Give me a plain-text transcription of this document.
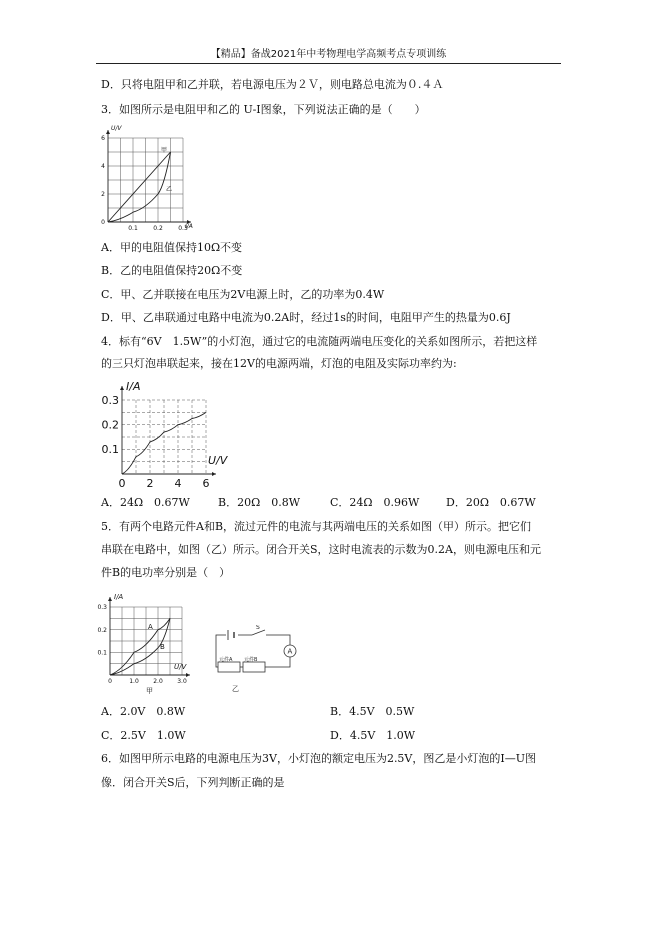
【精品】备战2021年中考物理电学高频考点专项训练
D．只将电阻甲和乙并联，若电源电压为２Ｖ，则电路总电流为０.４Ａ
3．如图所示是电阻甲和乙的 U-I图象，下列说法正确的是（　　）
I/A
U/V
0.1	0.2	0.3
0
2
4
6
甲
乙
A．甲的电阻值保持10Ω不变
B．乙的电阻值保持20Ω不变
C．甲、乙并联接在电压为2V电源上时，乙的功率为0.4W
D．甲、乙串联通过电路中电流为0.2A时，经过1s的时间，电阻甲产生的热量为0.6J
4．标有“6V　1.5W”的小灯泡，通过它的电流随两端电压变化的关系如图所示，若把这样
的三只灯泡串联起来，接在12V的电源两端，灯泡的电阻及实际功率约为:
U/V
I/A
0 2 4 6
0.1
0.2
0.3
A．24Ω　0.67W	B．20Ω　0.8W	C．24Ω　0.96W D．20Ω　0.67W
5．有两个电路元件A和B，流过元件的电流与其两端电压的关系如图（甲）所示。把它们
串联在电路中，如图（乙）所示。闭合开关S，这时电流表的示数为0.2A，则电源电压和元
件B的电功率分别是（　）
U/V
I/A
0	1.0 2.0 3.0
0.1
0.2
0.3
A
B
甲
S
元件A 元件B
A
乙
A．2.0V　0.8W	B．4.5V　0.5W
C．2.5V　1.0W	D．4.5V　1.0W
6．如图甲所示电路的电源电压为3V，小灯泡的额定电压为2.5V，图乙是小灯泡的I—U图
像．闭合开关S后，下列判断正确的是
